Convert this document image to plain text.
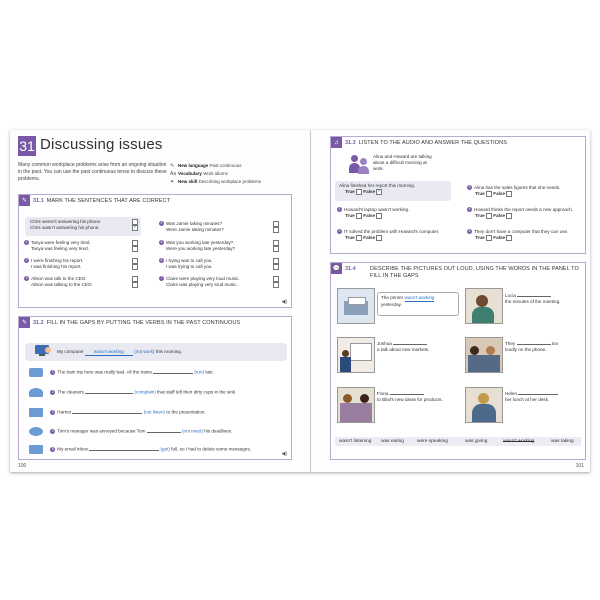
31 Discussing issues
Many common workplace problems arise from an ongoing situation in the past. You can use the past continuous tense to discuss these problems.
✎ New language Past continuous
Aa Vocabulary Work idioms
✦ New skill Describing workplace problems
✎	31.1 MARK THE SENTENCES THAT ARE CORRECT
Chris weren't answering his phone.
Chris wasn't answering his phone.	✓
1 Tanya were feeling very tired.
Tanya was feeling very tired.
2 I were finishing his report.
I was finishing his report.
3 Alison was talk to the CEO.
Alison was talking to the CEO.
4 Was Jamie taking minutes?
Were Jamie taking minutes?
5 Was you working late yesterday?
Were you working late yesterday?
6 I trying was to call you.
I was trying to call you.
7 Claire were playing very loud music.
Claire was playing very loud music.
◀)
✎	31.2 FILL IN THE GAPS BY PUTTING THE VERBS IN THE PAST CONTINUOUS
My computer wasn't working (not work) this morning.
1 The train trip here was really bad. All the trains	(run) late.
2 The cleaners	(complain) that staff left their dirty cups in the sink.
3 Harriet	(not listen) to the presentation.
4 Tom's manager was annoyed because Tom	(not meet) his deadlines.
5 My email inbox	(get) full, so I had to delete some messages.
◀)
100
♫	31.3 LISTEN TO THE AUDIO AND ANSWER THE QUESTIONS
Alina and Howard are talking about a difficult morning at work.
Alina finished her report this morning.
True False ✓
1 Howard's laptop wasn't working.
True False
2 IT solved the problem with Howard's computer.
True False
3 Alina has the sales figures that she needs.
True False
4 Howard thinks the report needs a new approach.
True False
5 They don't have a computer that they can use.
True False
💬 31.4	DESCRIBE THE PICTURES OUT LOUD, USING THE WORDS IN THE PANEL TO FILL IN THE GAPS
The printer wasn't working yesterday.
Lucia
the minutes of the meeting.
Joshua
a talk about new markets.
They	too
loudly on the phone.
Fiona
to Bilal's new ideas for products.
Helen
her lunch at her desk.
wasn't listening was eating	were speaking	was giving	wasn't working	was taking
101
